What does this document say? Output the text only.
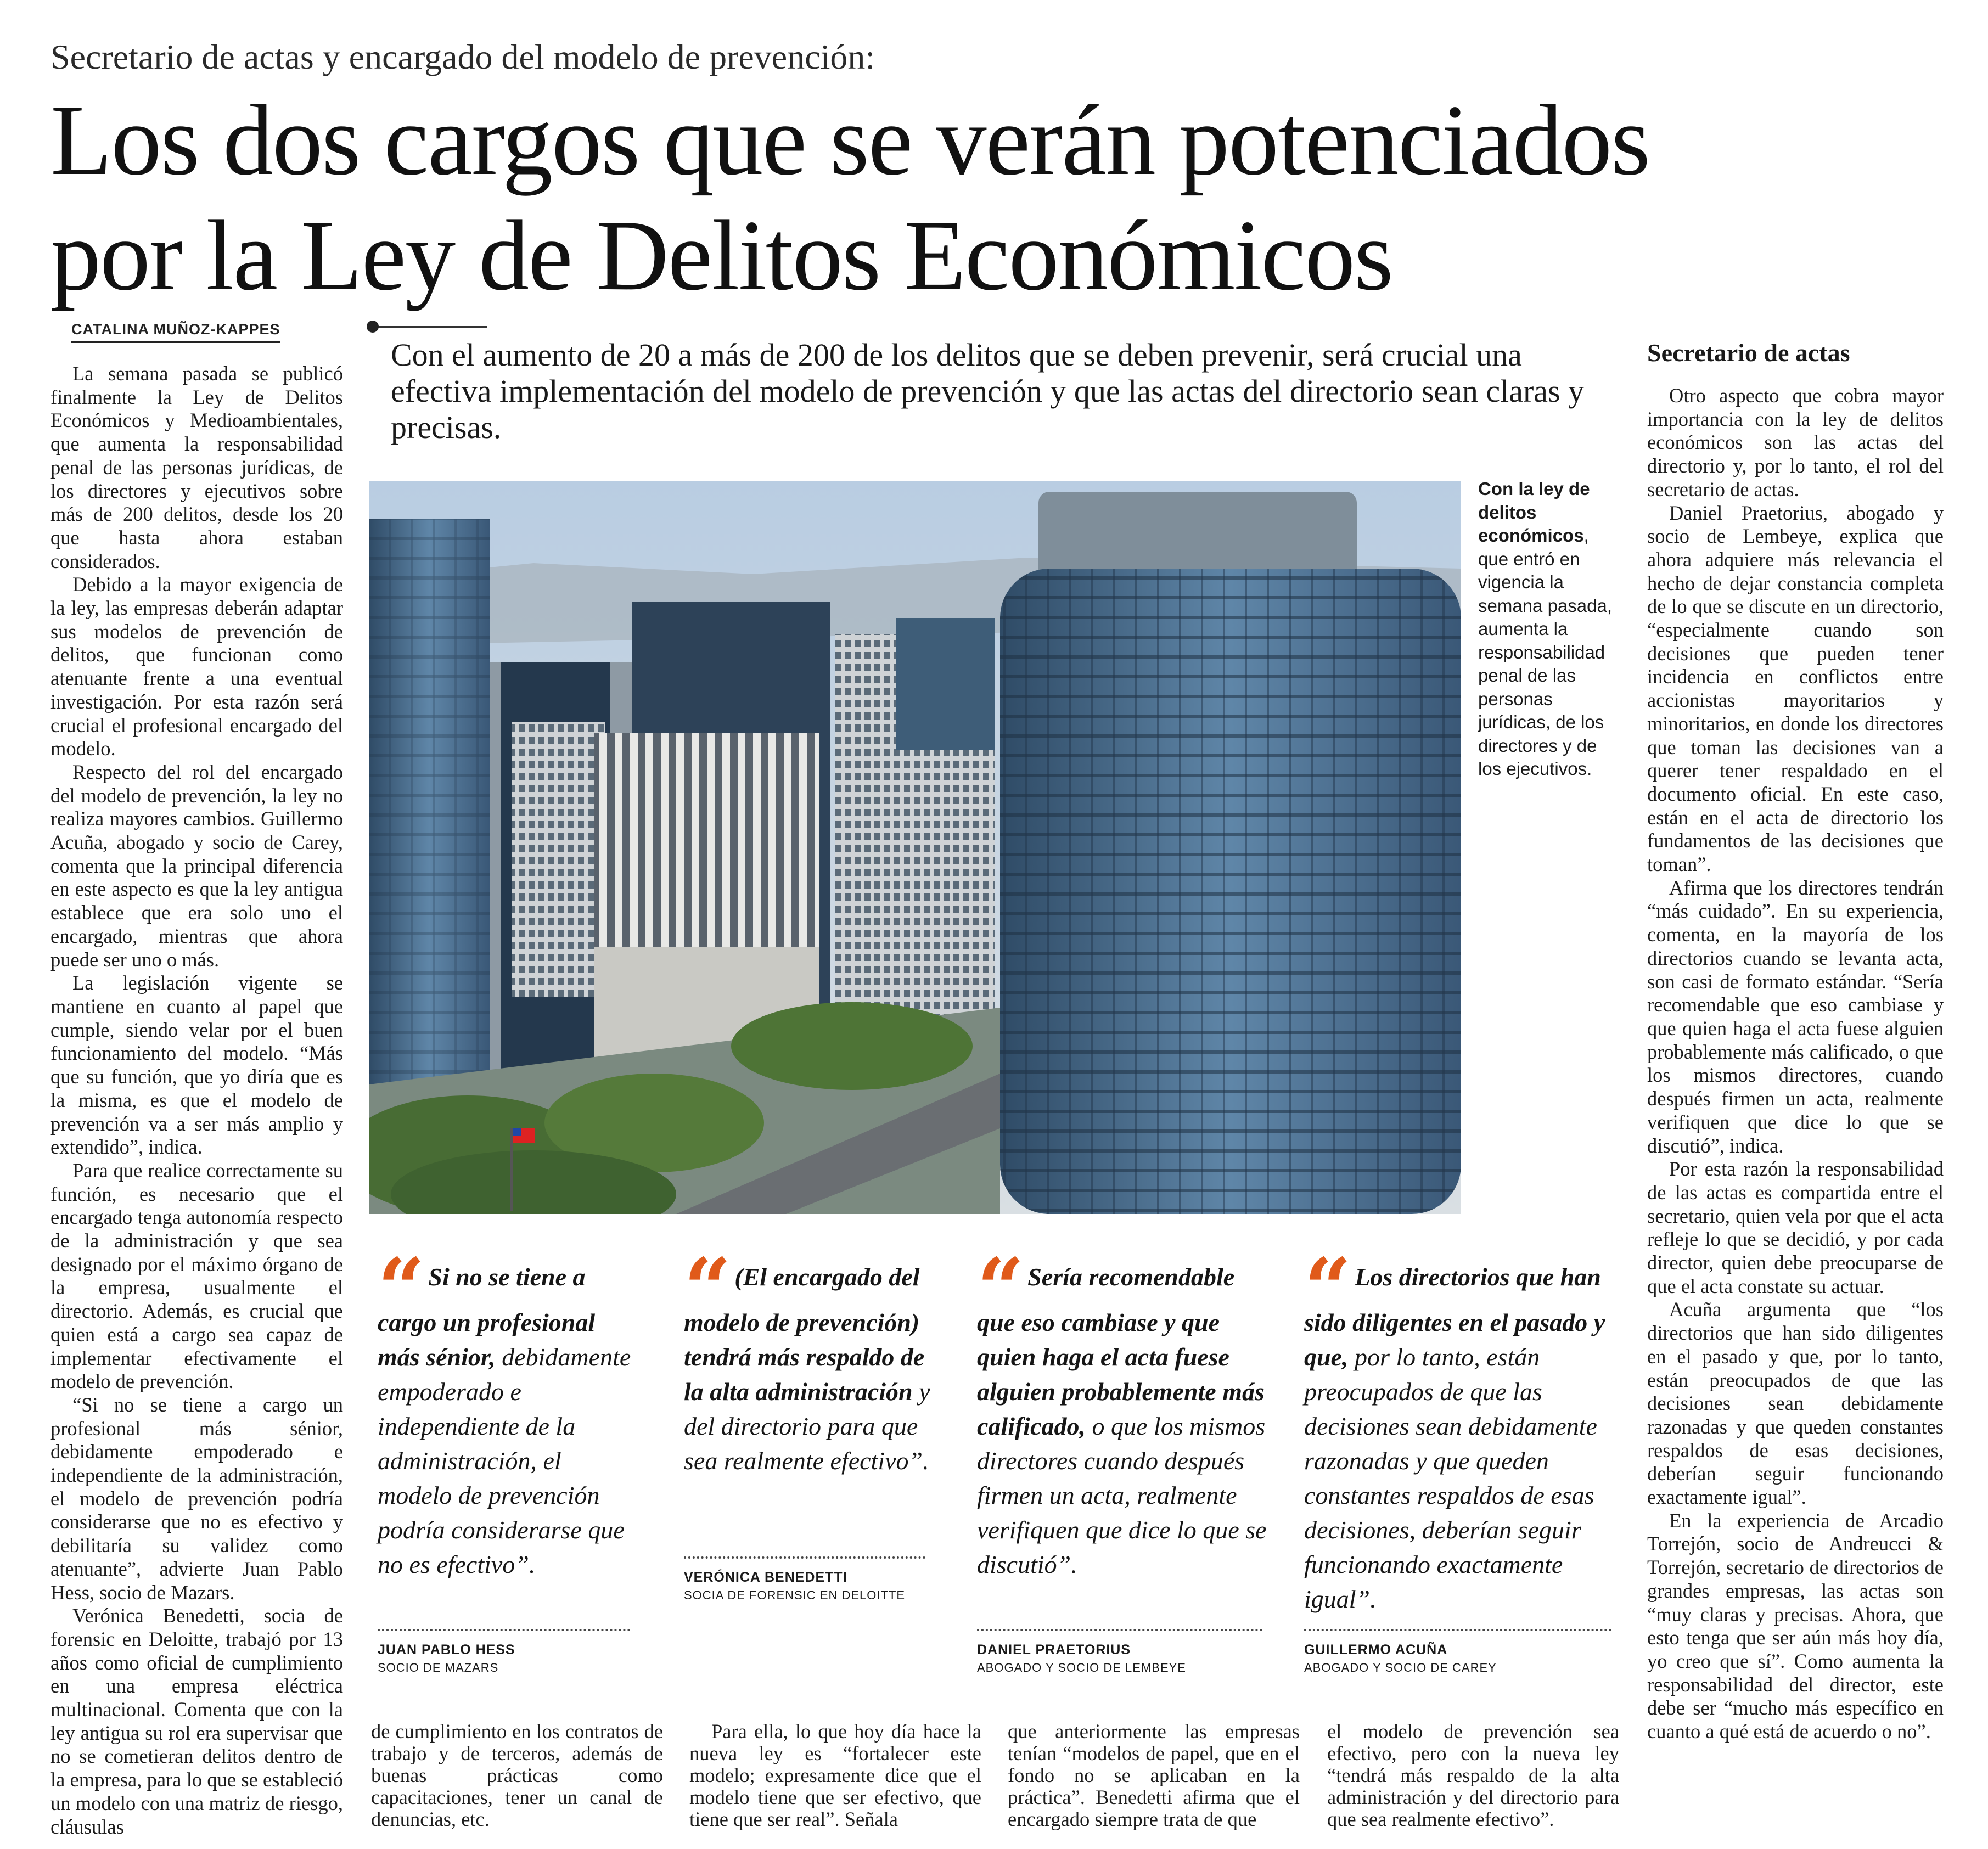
Secretario de actas y encargado del modelo de prevención:
Los dos cargos que se verán potenciados
por la Ley de Delitos Económicos
CATALINA MUÑOZ-KAPPES
Con el aumento de 20 a más de 200 de los delitos que se deben prevenir, será crucial una efectiva implementación del modelo de prevención y que las actas del directorio sean claras y precisas.

La semana pasada se publicó finalmente la Ley de Delitos Económicos y Medioambientales, que aumenta la responsabilidad penal de las personas jurídicas, de los directores y ejecutivos sobre más de 200 delitos, desde los 20 que hasta ahora estaban considerados.

Debido a la mayor exigencia de la ley, las empresas deberán adaptar sus modelos de prevención de delitos, que funcionan como atenuante frente a una eventual investigación. Por esta razón será crucial el profesional encargado del modelo.

Respecto del rol del encargado del modelo de prevención, la ley no realiza mayores cambios. Guillermo Acuña, abogado y socio de Carey, comenta que la principal diferencia en este aspecto es que la ley antigua establece que era solo uno el encargado, mientras que ahora puede ser uno o más.

La legislación vigente se mantiene en cuanto al papel que cumple, siendo velar por el buen funcionamiento del modelo. “Más que su función, que yo diría que es la misma, es que el modelo de prevención va a ser más amplio y extendido”, indica.

Para que realice correctamente su función, es necesario que el encargado tenga autonomía respecto de la administración y que sea designado por el máximo órgano de la empresa, usualmente el directorio. Además, es crucial que quien está a cargo sea capaz de implementar efectivamente el modelo de prevención.

“Si no se tiene a cargo un profesional más sénior, debidamente empoderado e independiente de la administración, el modelo de prevención podría considerarse que no es efectivo y debilitaría su validez como atenuante”, advierte Juan Pablo Hess, socio de Mazars.

Verónica Benedetti, socia de forensic en Deloitte, trabajó por 13 años como oficial de cumplimiento en una empresa eléctrica multinacional. Comenta que con la ley antigua su rol era supervisar que no se cometieran delitos dentro de la empresa, para lo que se estableció un modelo con una matriz de riesgo, cláusulas

Con la ley de delitos económicos, que entró en vigencia la semana pasada, aumenta la responsabilidad penal de las personas jurídicas, de los directores y de los ejecutivos.
“ Si no se tiene a cargo un profesional más sénior, debidamente empoderado e independiente de la administración, el modelo de prevención podría considerarse que no es efectivo”.
JUAN PABLO HESS
SOCIO DE MAZARS
“ (El encargado del modelo de prevención) tendrá más respaldo de la alta administración y del directorio para que sea realmente efectivo”.
VERÓNICA BENEDETTI
SOCIA DE FORENSIC EN DELOITTE
“ Sería recomendable que eso cambiase y que quien haga el acta fuese alguien probablemente más calificado, o que los mismos directores cuando después firmen un acta, realmente verifiquen que dice lo que se discutió”.
DANIEL PRAETORIUS
ABOGADO Y SOCIO DE LEMBEYE
“ Los directorios que han sido diligentes en el pasado y que, por lo tanto, están preocupados de que las decisiones sean debidamente razonadas y que queden constantes respaldos de esas decisiones, deberían seguir funcionando exactamente igual”.
GUILLERMO ACUÑA
ABOGADO Y SOCIO DE CAREY

de cumplimiento en los contratos de trabajo y de terceros, además de buenas prácticas como capacitaciones, tener un canal de denuncias, etc.

Para ella, lo que hoy día hace la nueva ley es “fortalecer este modelo; expresamente dice que el modelo tiene que ser efectivo, que tiene que ser real”. Señala

que anteriormente las empresas tenían “modelos de papel, que en el fondo no se aplicaban en la práctica”. Benedetti afirma que el encargado siempre trata de que

el modelo de prevención sea efectivo, pero con la nueva ley “tendrá más respaldo de la alta administración y del directorio para que sea realmente efectivo”.

Secretario de actas

Otro aspecto que cobra mayor importancia con la ley de delitos económicos son las actas del directorio y, por lo tanto, el rol del secretario de actas.

Daniel Praetorius, abogado y socio de Lembeye, explica que ahora adquiere más relevancia el hecho de dejar constancia completa de lo que se discute en un directorio, “especialmente cuando son decisiones que pueden tener incidencia en conflictos entre accionistas mayoritarios y minoritarios, en donde los directores que toman las decisiones van a querer tener respaldado en el documento oficial. En este caso, están en el acta de directorio los fundamentos de las decisiones que toman”.

Afirma que los directores tendrán “más cuidado”. En su experiencia, comenta, en la mayoría de los directorios cuando se levanta acta, son casi de formato estándar. “Sería recomendable que eso cambiase y que quien haga el acta fuese alguien probablemente más calificado, o que los mismos directores, cuando después firmen un acta, realmente verifiquen que dice lo que se discutió”, indica.

Por esta razón la responsabilidad de las actas es compartida entre el secretario, quien vela por que el acta refleje lo que se decidió, y por cada director, quien debe preocuparse de que el acta constate su actuar.

Acuña argumenta que “los directorios que han sido diligentes en el pasado y que, por lo tanto, están preocupados de que las decisiones sean debidamente razonadas y que queden constantes respaldos de esas decisiones, deberían seguir funcionando exactamente igual”.

En la experiencia de Arcadio Torrejón, socio de Andreucci & Torrejón, secretario de directorios de grandes empresas, las actas son “muy claras y precisas. Ahora, que esto tenga que ser aún más hoy día, yo creo que sí”. Como aumenta la responsabilidad del director, este debe ser “mucho más específico en cuanto a qué está de acuerdo o no”.
